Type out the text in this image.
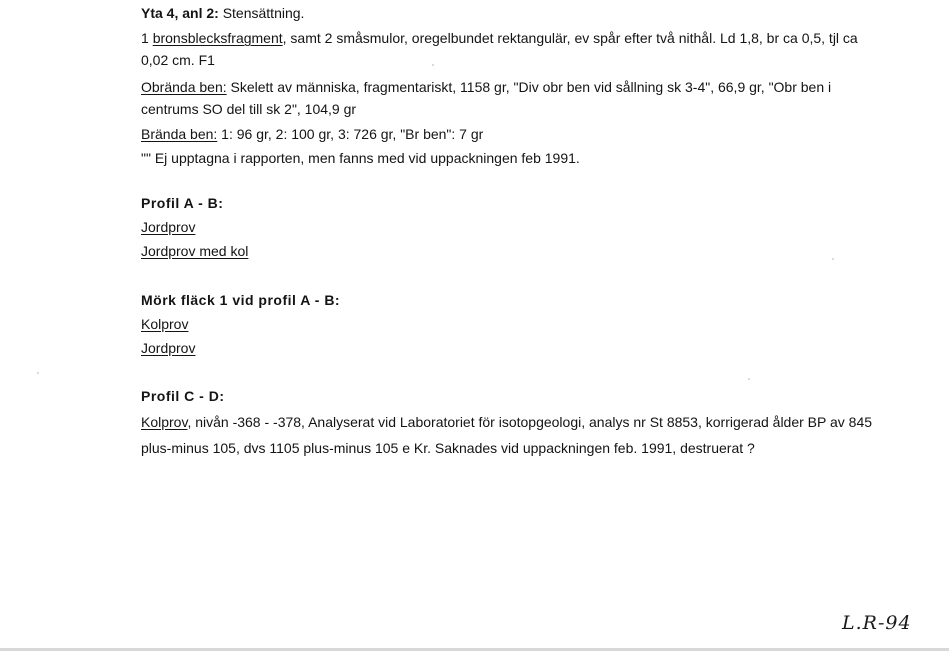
Yta 4, anl 2: Stensättning.
1 bronsblecksfragment, samt 2 småsmulor, oregelbundet rektangulär, ev spår efter två nithål. Ld 1,8, br ca 0,5, tjl ca
0,02 cm. F1
Obrända ben: Skelett av människa, fragmentariskt, 1158 gr, "Div obr ben vid sållning sk 3-4", 66,9 gr, "Obr ben i
centrums SO del till sk 2", 104,9 gr
Brända ben: 1: 96 gr, 2: 100 gr, 3: 726 gr, "Br ben": 7 gr
"" Ej upptagna i rapporten, men fanns med vid uppackningen feb 1991.
Profil A - B:
Jordprov
Jordprov med kol
Mörk fläck 1 vid profil A - B:
Kolprov
Jordprov
Profil C - D:
Kolprov, nivån -368 - -378, Analyserat vid Laboratoriet för isotopgeologi, analys nr St 8853, korrigerad ålder BP av 845
plus-minus 105, dvs 1105 plus-minus 105 e Kr. Saknades vid uppackningen feb. 1991, destruerat ?
L.R-94
